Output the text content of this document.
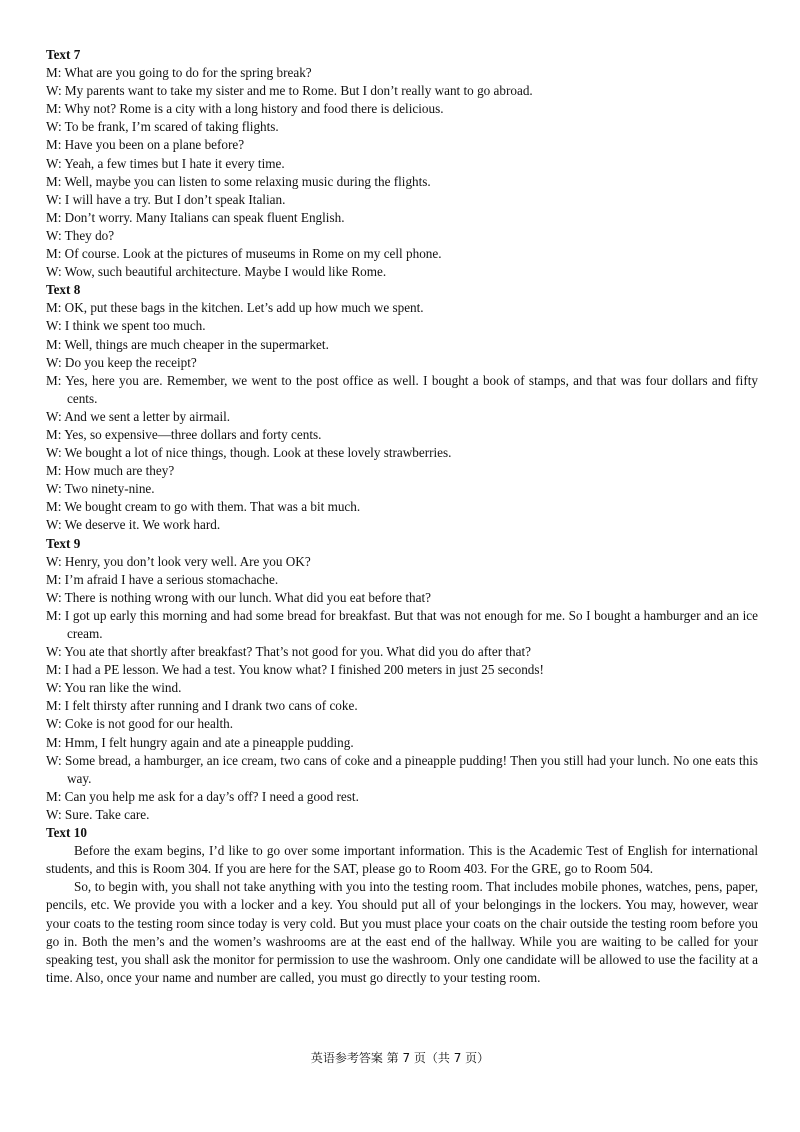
Text 7

M: What are you going to do for the spring break?

W: My parents want to take my sister and me to Rome. But I don’t really want to go abroad.

M: Why not? Rome is a city with a long history and food there is delicious.

W: To be frank, I’m scared of taking flights.

M: Have you been on a plane before?

W: Yeah, a few times but I hate it every time.

M: Well, maybe you can listen to some relaxing music during the flights.

W: I will have a try. But I don’t speak Italian.

M: Don’t worry. Many Italians can speak fluent English.

W: They do?

M: Of course. Look at the pictures of museums in Rome on my cell phone.

W: Wow, such beautiful architecture. Maybe I would like Rome.

Text 8

M: OK, put these bags in the kitchen. Let’s add up how much we spent.

W: I think we spent too much.

M: Well, things are much cheaper in the supermarket.

W: Do you keep the receipt?

M: Yes, here you are. Remember, we went to the post office as well. I bought a book of stamps, and that was four dollars and fifty cents.

W: And we sent a letter by airmail.

M: Yes, so expensive—three dollars and forty cents.

W: We bought a lot of nice things, though. Look at these lovely strawberries.

M: How much are they?

W: Two ninety-nine.

M: We bought cream to go with them. That was a bit much.

W: We deserve it. We work hard.

Text 9

W: Henry, you don’t look very well. Are you OK?

M: I’m afraid I have a serious stomachache.

W: There is nothing wrong with our lunch. What did you eat before that?

M: I got up early this morning and had some bread for breakfast. But that was not enough for me. So I bought a hamburger and an ice cream.

W: You ate that shortly after breakfast? That’s not good for you. What did you do after that?

M: I had a PE lesson. We had a test. You know what? I finished 200 meters in just 25 seconds!

W: You ran like the wind.

M: I felt thirsty after running and I drank two cans of coke.

W: Coke is not good for our health.

M: Hmm, I felt hungry again and ate a pineapple pudding.

W: Some bread, a hamburger, an ice cream, two cans of coke and a pineapple pudding! Then you still had your lunch. No one eats this way.

M: Can you help me ask for a day’s off? I need a good rest.

W: Sure. Take care.

Text 10

Before the exam begins, I’d like to go over some important information. This is the Academic Test of English for international students, and this is Room 304. If you are here for the SAT, please go to Room 403. For the GRE, go to Room 504.

So, to begin with, you shall not take anything with you into the testing room. That includes mobile phones, watches, pens, paper, pencils, etc. We provide you with a locker and a key. You should put all of your belongings in the lockers. You may, however, wear your coats to the testing room since today is very cold. But you must place your coats on the chair outside the testing room before you go in. Both the men’s and the women’s washrooms are at the east end of the hallway. While you are waiting to be called for your speaking test, you shall ask the monitor for permission to use the washroom. Only one candidate will be allowed to use the facility at a time. Also, once your name and number are called, you must go directly to your testing room.

英语参考答案 第 7 页（共 7 页）
